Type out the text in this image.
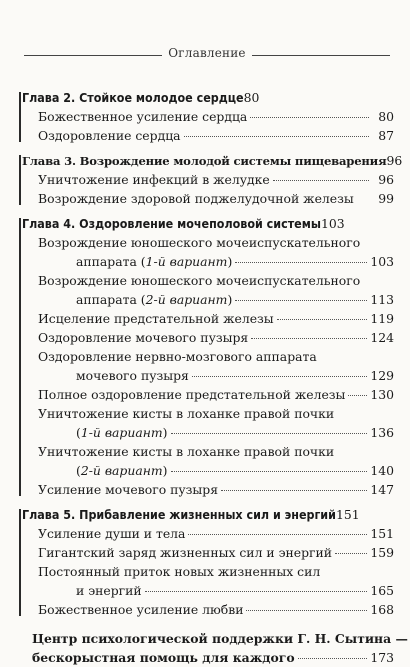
Оглавление
Глава 2. Стойкое молодое сердце 80
Божественное усиление сердца	80
Оздоровление сердца	87
Глава 3. Возрождение молодой системы пищеварения 96
Уничтожение инфекций в желудке	96
Возрождение здоровой поджелудочной железы	99
Глава 4. Оздоровление мочеполовой системы 103
Возрождение юношеского мочеиспускательного
аппарата (1-й вариант)	103
Возрождение юношеского мочеиспускательного
аппарата (2-й вариант)	113
Исцеление предстательной железы	119
Оздоровление мочевого пузыря	124
Оздоровление нервно-мозгового аппарата
мочевого пузыря	129
Полное оздоровление предстательной железы 130
Уничтожение кисты в лоханке правой почки
(1-й вариант)	136
Уничтожение кисты в лоханке правой почки
(2-й вариант)	140
Усиление мочевого пузыря	147
Глава 5. Прибавление жизненных сил и энергий 151
Усиление души и тела	151
Гигантский заряд жизненных сил и энергий	159
Постоянный приток новых жизненных сил
и энергий	165
Божественное усиление любви	168
Центр психологической поддержки Г. Н. Сытина —
бескорыстная помощь для каждого	173
